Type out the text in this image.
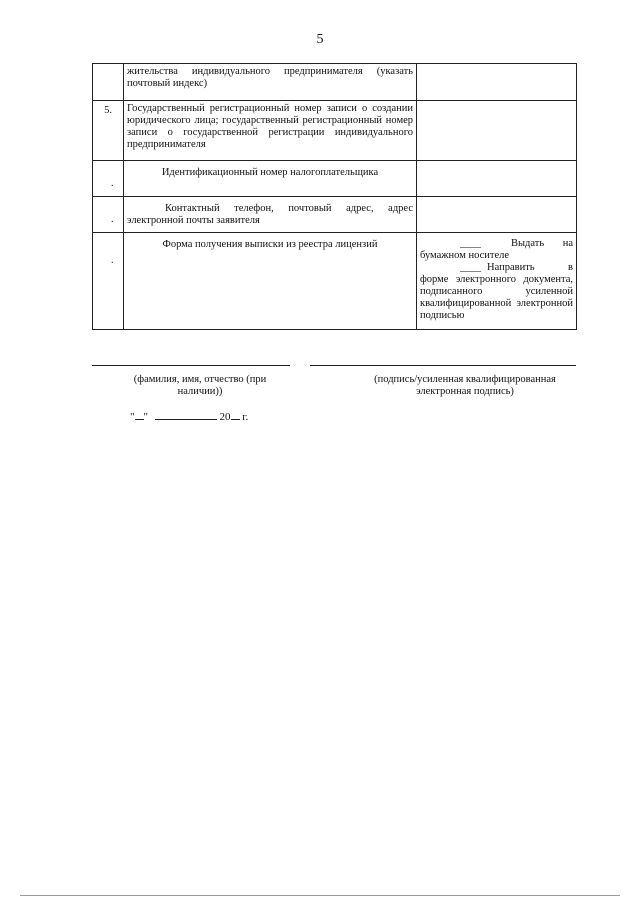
5
	жительства индивидуального предпринимателя (указать почтовый индекс)	
5.	Государственный регистрационный номер записи о создании юридического лица; государственный регистрационный номер записи о государственной регистрации индивидуального предпринимателя	

.	Идентификационный номер налогоплательщика	

.	Контактный телефон, почтовый адрес, адрес электронной почты заявителя	

.	Форма получения выписки из реестра лицензий	____ Выдать на бумажном носителе
____ Направить в форме электронного документа, подписанного усиленной квалифицированной электронной подписью
(фамилия, имя, отчество (при наличии))
(подпись/усиленная квалифицированная электронная подпись)
" "	20 г.
